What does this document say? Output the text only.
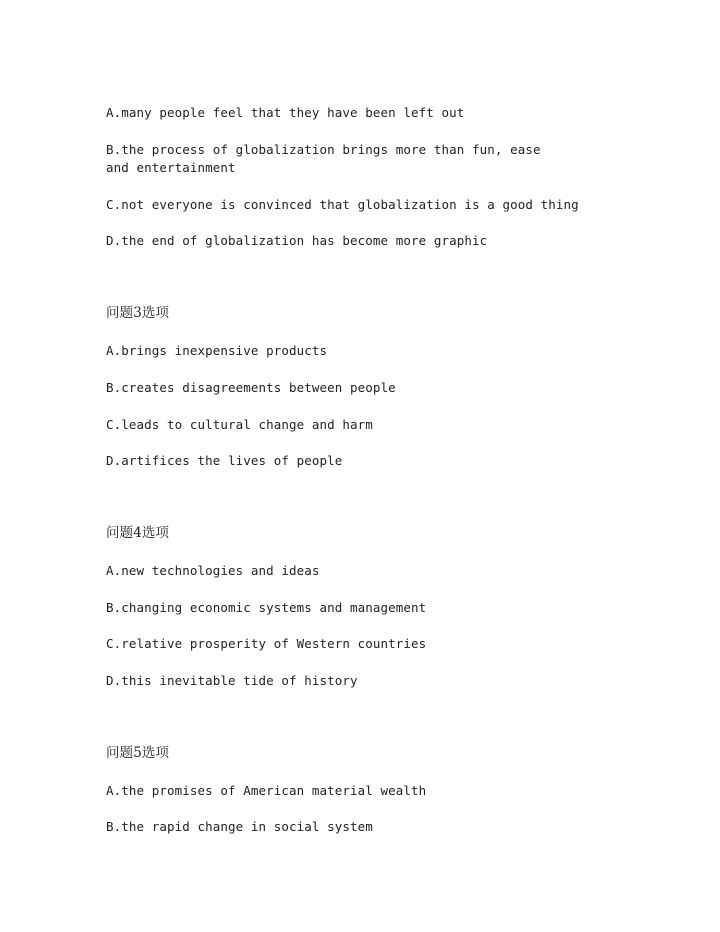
A.many people feel that they have been left out
B.the process of globalization brings more than fun, ease and entertainment
C.not everyone is convinced that globalization is a good thing
D.the end of globalization has become more graphic
问题3选项
A.brings inexpensive products
B.creates disagreements between people
C.leads to cultural change and harm
D.artifices the lives of people
问题4选项
A.new technologies and ideas
B.changing economic systems and management
C.relative prosperity of Western countries
D.this inevitable tide of history
问题5选项
A.the promises of American material wealth
B.the rapid change in social system
